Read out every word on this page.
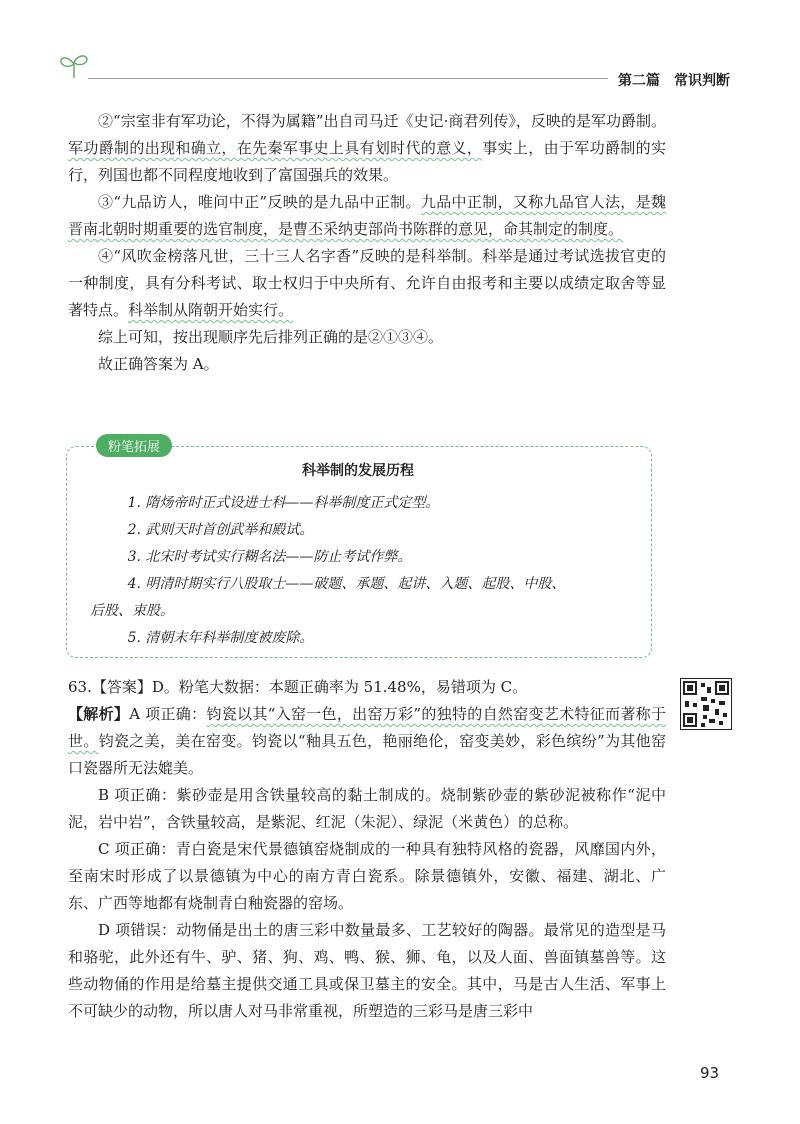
第二篇　常识判断

②“宗室非有军功论，不得为属籍”出自司马迁《史记·商君列传》，反映的是军功爵制。军功爵制的出现和确立，在先秦军事史上具有划时代的意义，事实上，由于军功爵制的实行，列国也都不同程度地收到了富国强兵的效果。

③“九品访人，唯问中正”反映的是九品中正制。九品中正制，又称九品官人法，是魏晋南北朝时期重要的选官制度，是曹丕采纳吏部尚书陈群的意见，命其制定的制度。

④“风吹金榜落凡世，三十三人名字香”反映的是科举制。科举是通过考试选拔官吏的一种制度，具有分科考试、取士权归于中央所有、允许自由报考和主要以成绩定取舍等显著特点。科举制从隋朝开始实行。

综上可知，按出现顺序先后排列正确的是②①③④。

故正确答案为 A。

粉笔拓展
科举制的发展历程

1. 隋炀帝时正式设进士科——科举制度正式定型。

2. 武则天时首创武举和殿试。

3. 北宋时考试实行糊名法——防止考试作弊。

4. 明清时期实行八股取士——破题、承题、起讲、入题、起股、中股、

后股、束股。

5. 清朝末年科举制度被废除。

63.【答案】D。粉笔大数据：本题正确率为 51.48%，易错项为 C。

【解析】A 项正确：钧瓷以其“入窑一色，出窑万彩”的独特的自然窑变艺术特征而著称于世。钧瓷之美，美在窑变。钧瓷以“釉具五色，艳丽绝伦，窑变美妙，彩色缤纷”为其他窑口瓷器所无法媲美。

B 项正确：紫砂壶是用含铁量较高的黏土制成的。烧制紫砂壶的紫砂泥被称作“泥中泥，岩中岩”，含铁量较高，是紫泥、红泥（朱泥）、绿泥（米黄色）的总称。

C 项正确：青白瓷是宋代景德镇窑烧制成的一种具有独特风格的瓷器，风靡国内外，至南宋时形成了以景德镇为中心的南方青白瓷系。除景德镇外，安徽、福建、湖北、广东、广西等地都有烧制青白釉瓷器的窑场。

D 项错误：动物俑是出土的唐三彩中数量最多、工艺较好的陶器。最常见的造型是马和骆驼，此外还有牛、驴、猪、狗、鸡、鸭、猴、狮、龟，以及人面、兽面镇墓兽等。这些动物俑的作用是给墓主提供交通工具或保卫墓主的安全。其中，马是古人生活、军事上不可缺少的动物，所以唐人对马非常重视，所塑造的三彩马是唐三彩中

93
